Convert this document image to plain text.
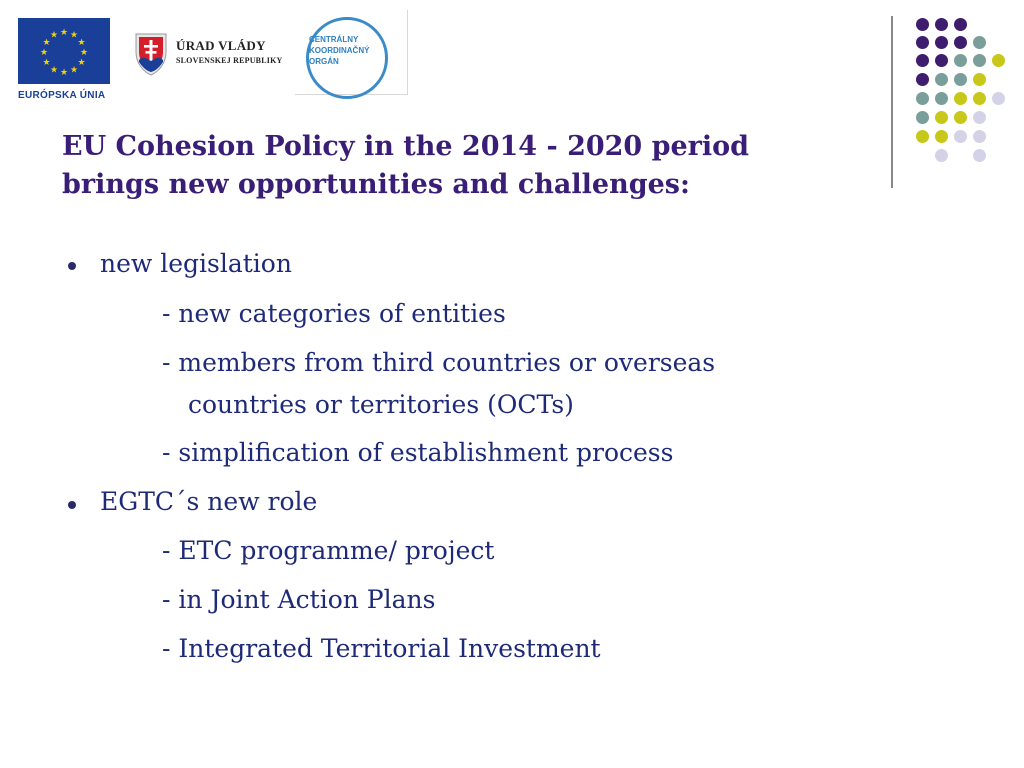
★ ★
★
★
★
★
★
★
★
★
★
★
EURÓPSKA ÚNIA
ÚRAD VLÁDY
SLOVENSKEJ REPUBLIKY
CENTRÁLNY
KOORDINAČNÝ
ORGÁN
EU Cohesion Policy in the 2014 - 2020 period
brings new opportunities and challenges:
new legislation
- new categories of entities
- members from third countries or overseas
countries or territories (OCTs)
- simplification of establishment process
EGTC´s new role
- ETC programme/ project
- in Joint Action Plans
- Integrated Territorial Investment
